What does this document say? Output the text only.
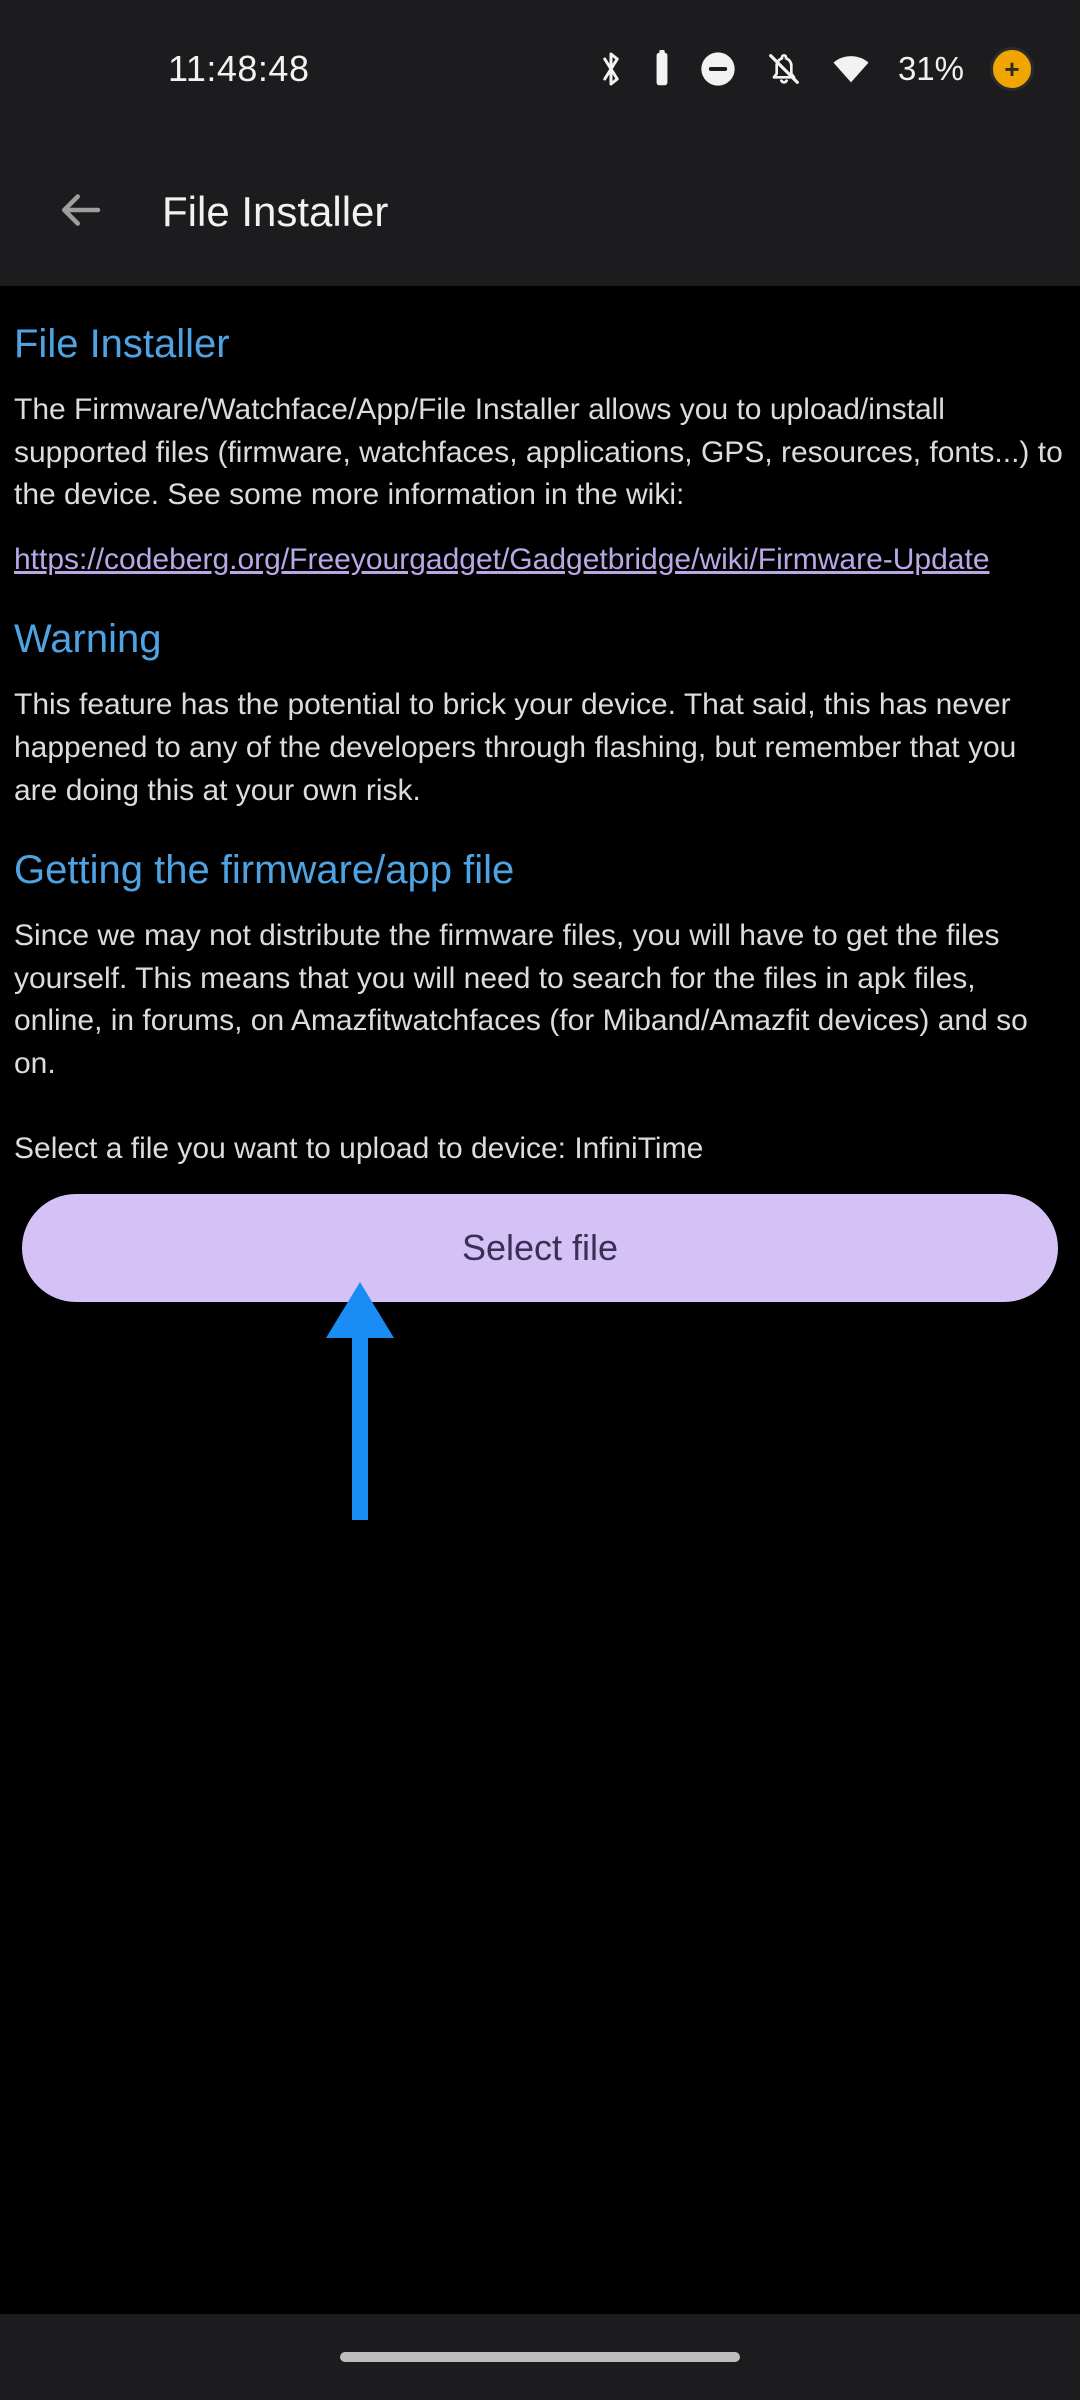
11:48:48	31%	+
File Installer
File Installer

The Firmware/Watchface/App/File Installer allows you to upload/install supported files (firmware, watchfaces, applications, GPS, resources, fonts...) to the device. See some more information in the wiki:

https://codeberg.org/Freeyourgadget/Gadgetbridge/wiki/Firmware-Update

Warning

This feature has the potential to brick your device. That said, this has never happened to any of the developers through flashing, but remember that you are doing this at your own risk.

Getting the firmware/app file

Since we may not distribute the firmware files, you will have to get the files yourself. This means that you will need to search for the files in apk files, online, in forums, on Amazfitwatchfaces (for Miband/Amazfit devices) and so on.

Select a file you want to upload to device: InfiniTime
Select file
